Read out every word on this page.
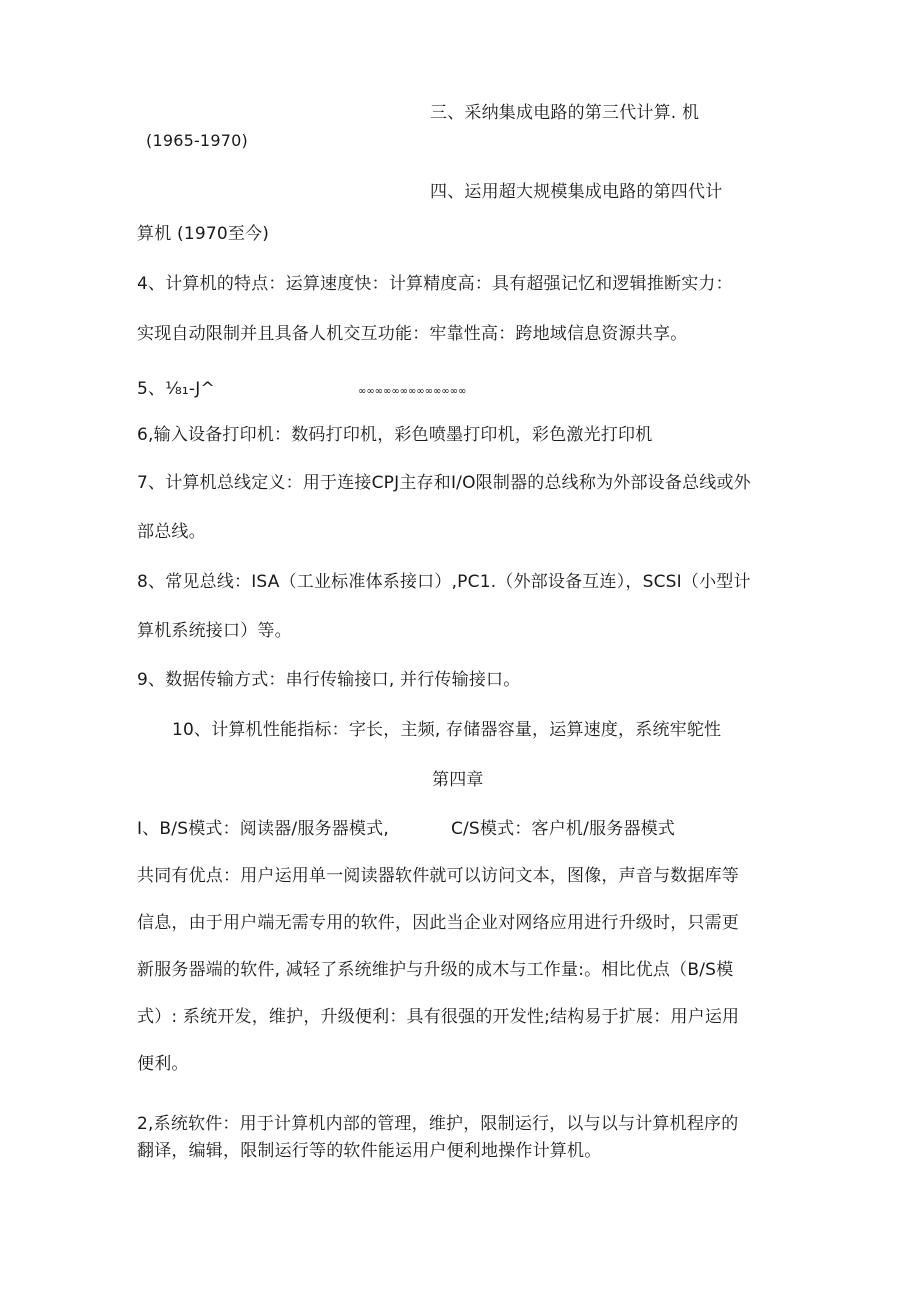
三、采纳集成电路的第三代计算. 机
(1965-1970)
四、运用超大规模集成电路的第四代计
算机 (1970至今)
4、计算机的特点：运算速度快：计算精度高：具有超强记忆和逻辑推断实力：
实现自动限制并且具备人机交互功能：牢靠性高：跨地域信息资源共享。
5、⅛₁-J^	∞∞∞∞∞∞∞∞∞∞∞∞∞
6,输入设备打印机：数码打印机，彩色喷墨打印机，彩色激光打印机
7、计算机总线定义：用于连接CPJ主存和I/O限制器的总线称为外部设备总线或外
部总线。
8、常见总线：ISA（工业标准体系接口）,PC1.（外部设备互连），SCSI（小型计
算机系统接口）等。
9、数据传输方式：串行传输接口, 并行传输接口。
10、计算机性能指标：字长，主频, 存储器容量，运算速度，系统牢鸵性
第四章
I、B/S模式：阅读器/服务器模式,	C/S模式：客户机/服务器模式
共同有优点：用户运用单一阅读器软件就可以访问文本，图像，声音与数据库等
信息，由于用户端无需专用的软件，因此当企业对网络应用进行升级时，只需更
新服务器端的软件, 减轻了系统维护与升级的成木与工作量:。相比优点（B/S模
式）: 系统开发，维护，升级便利：具有很强的开发性;结构易于扩展：用户运用
便利。
2,系统软件：用于计算机内部的管理，维护，限制运行，以与以与计算机程序的
翻译，编辑，限制运行等的软件能运用户便利地操作计算机。
